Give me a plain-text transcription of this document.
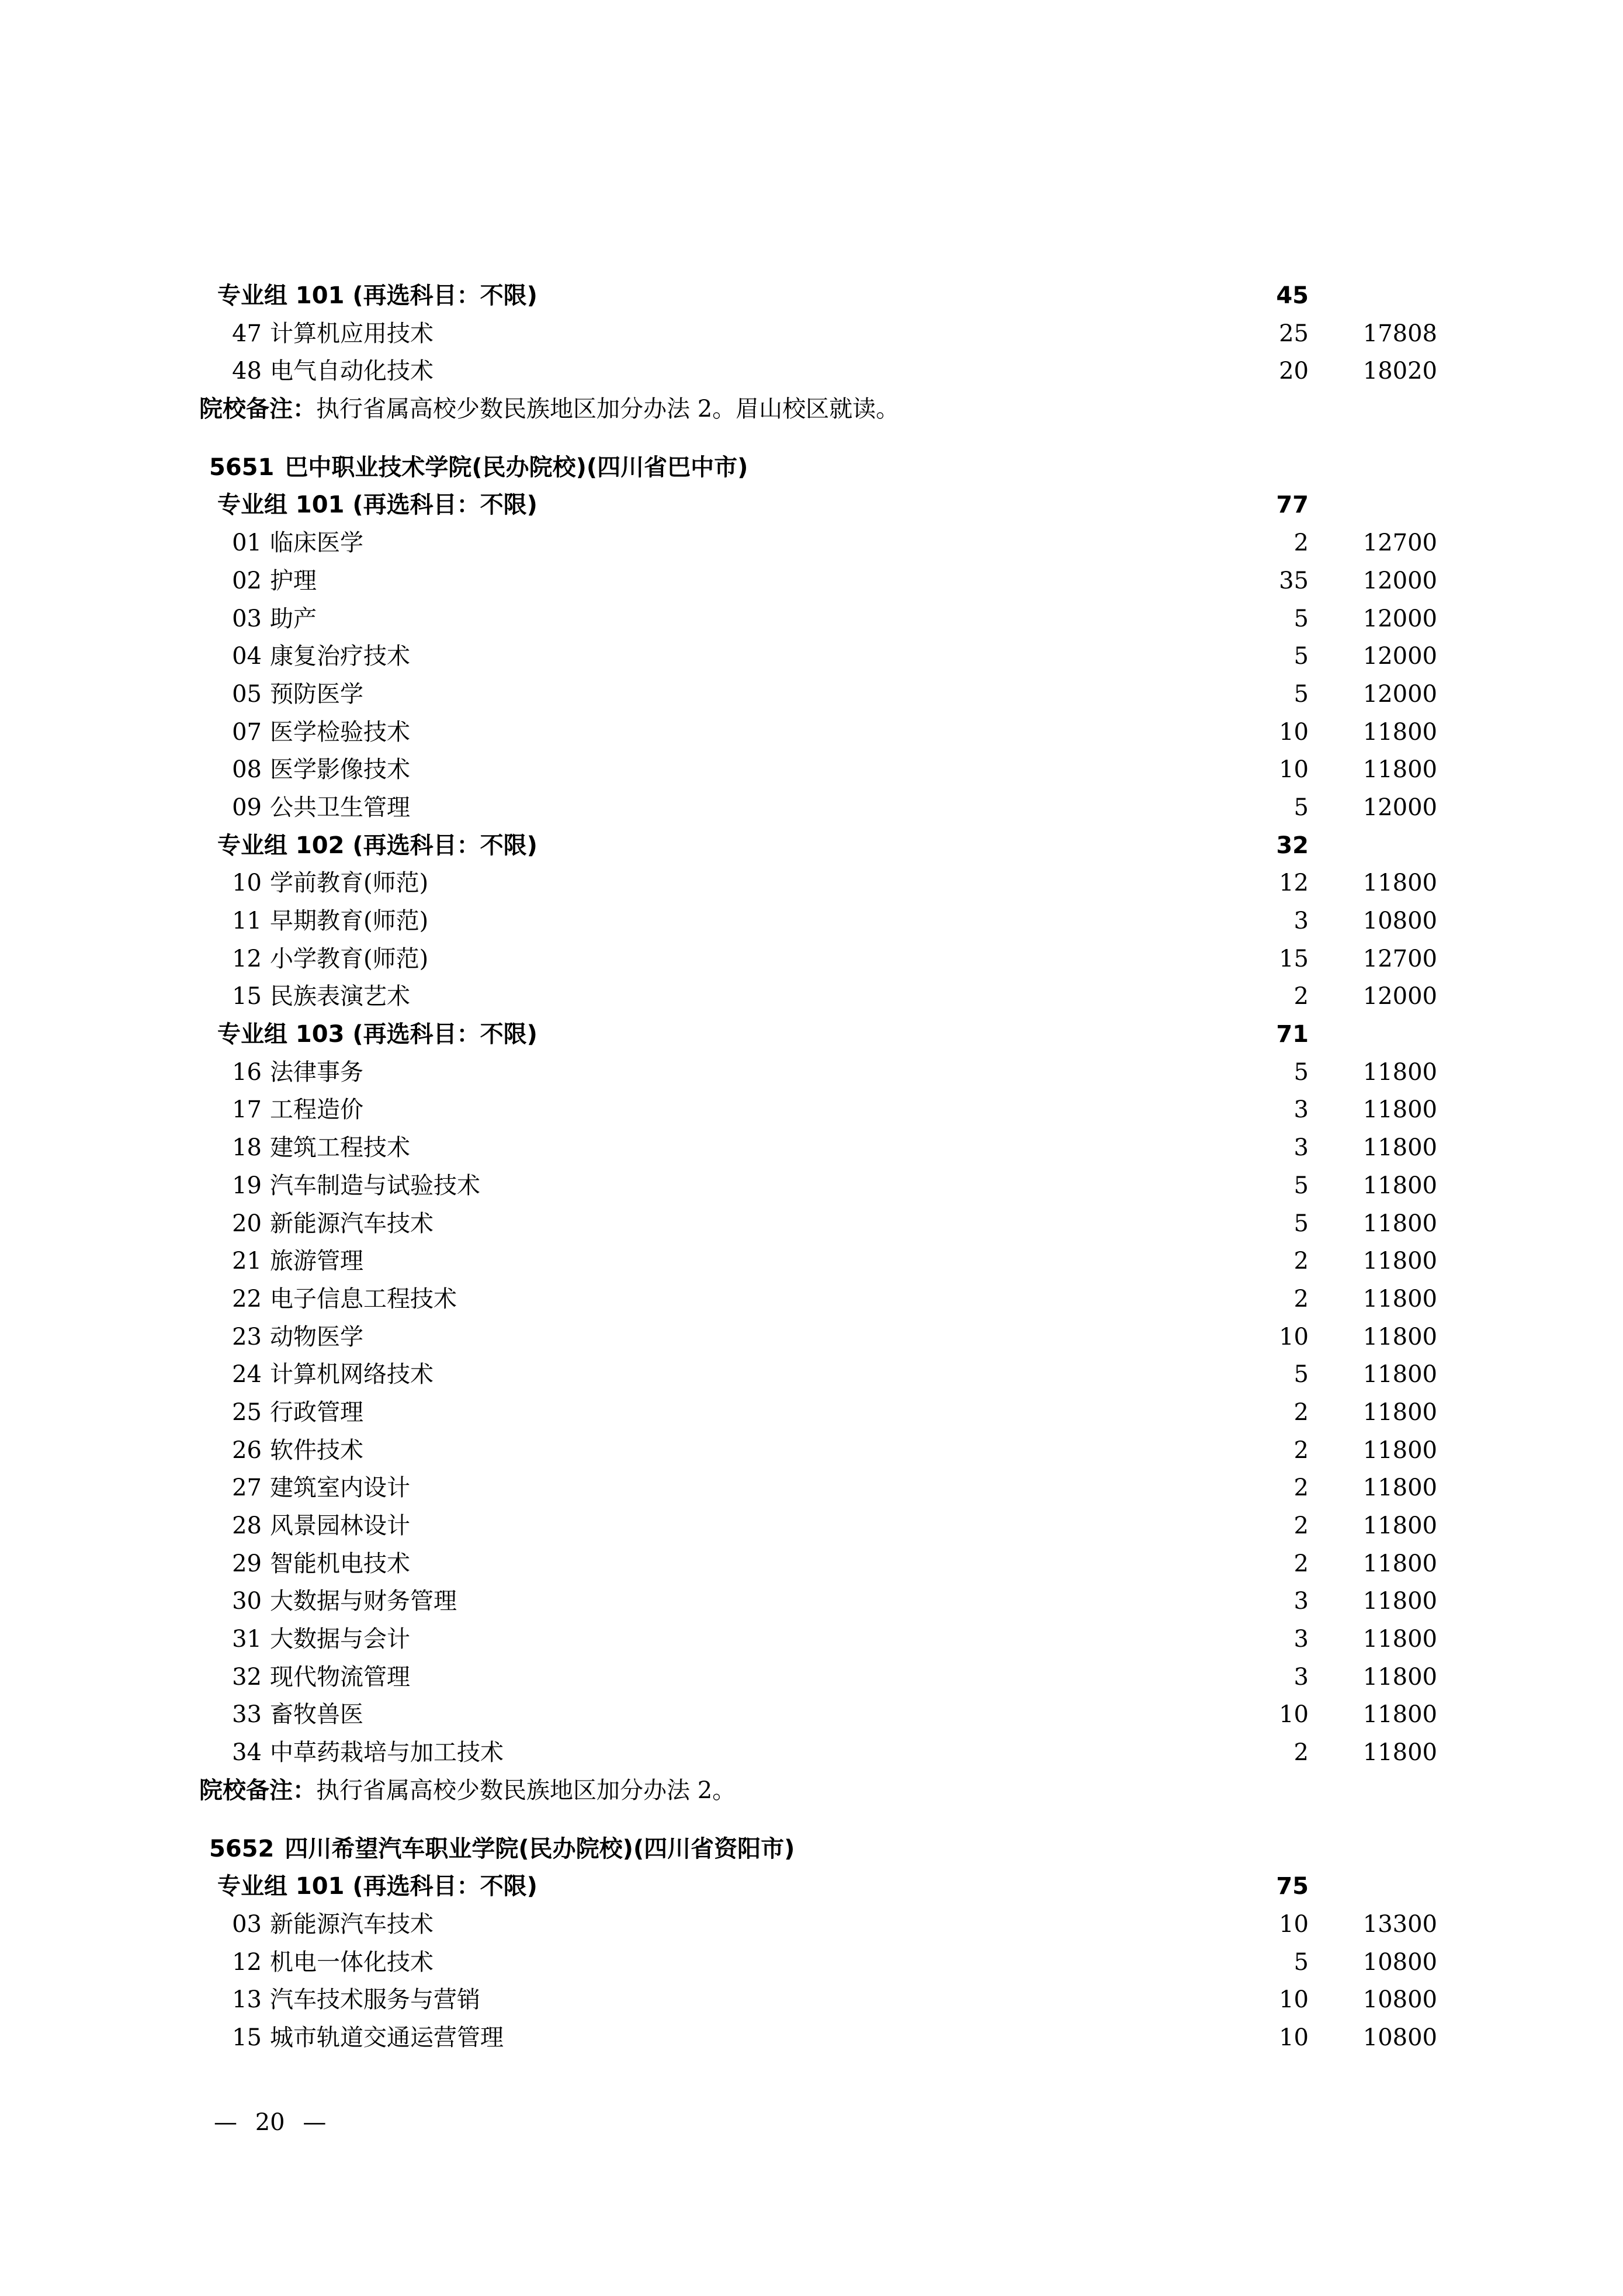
专业组 101 (再选科目：不限)	45
47 计算机应用技术	25 17808
48 电气自动化技术	20 18020
院校备注：执行省属高校少数民族地区加分办法 2。眉山校区就读。
5651 巴中职业技术学院(民办院校)(四川省巴中市)
专业组 101 (再选科目：不限)	77
01 临床医学	2 12700
02 护理	35 12000
03 助产	5 12000
04 康复治疗技术	5 12000
05 预防医学	5 12000
07 医学检验技术	10 11800
08 医学影像技术	10 11800
09 公共卫生管理	5 12000
专业组 102 (再选科目：不限)	32
10 学前教育(师范)	12 11800
11 早期教育(师范)	3 10800
12 小学教育(师范)	15 12700
15 民族表演艺术	2 12000
专业组 103 (再选科目：不限)	71
16 法律事务	5 11800
17 工程造价	3 11800
18 建筑工程技术	3 11800
19 汽车制造与试验技术	5 11800
20 新能源汽车技术	5 11800
21 旅游管理	2 11800
22 电子信息工程技术	2 11800
23 动物医学	10 11800
24 计算机网络技术	5 11800
25 行政管理	2 11800
26 软件技术	2 11800
27 建筑室内设计	2 11800
28 风景园林设计	2 11800
29 智能机电技术	2 11800
30 大数据与财务管理	3 11800
31 大数据与会计	3 11800
32 现代物流管理	3 11800
33 畜牧兽医	10 11800
34 中草药栽培与加工技术	2 11800
院校备注：执行省属高校少数民族地区加分办法 2。
5652 四川希望汽车职业学院(民办院校)(四川省资阳市)
专业组 101 (再选科目：不限)	75
03 新能源汽车技术	10 13300
12 机电一体化技术	5 10800
13 汽车技术服务与营销	10 10800
15 城市轨道交通运营管理	10 10800
— 20 —
